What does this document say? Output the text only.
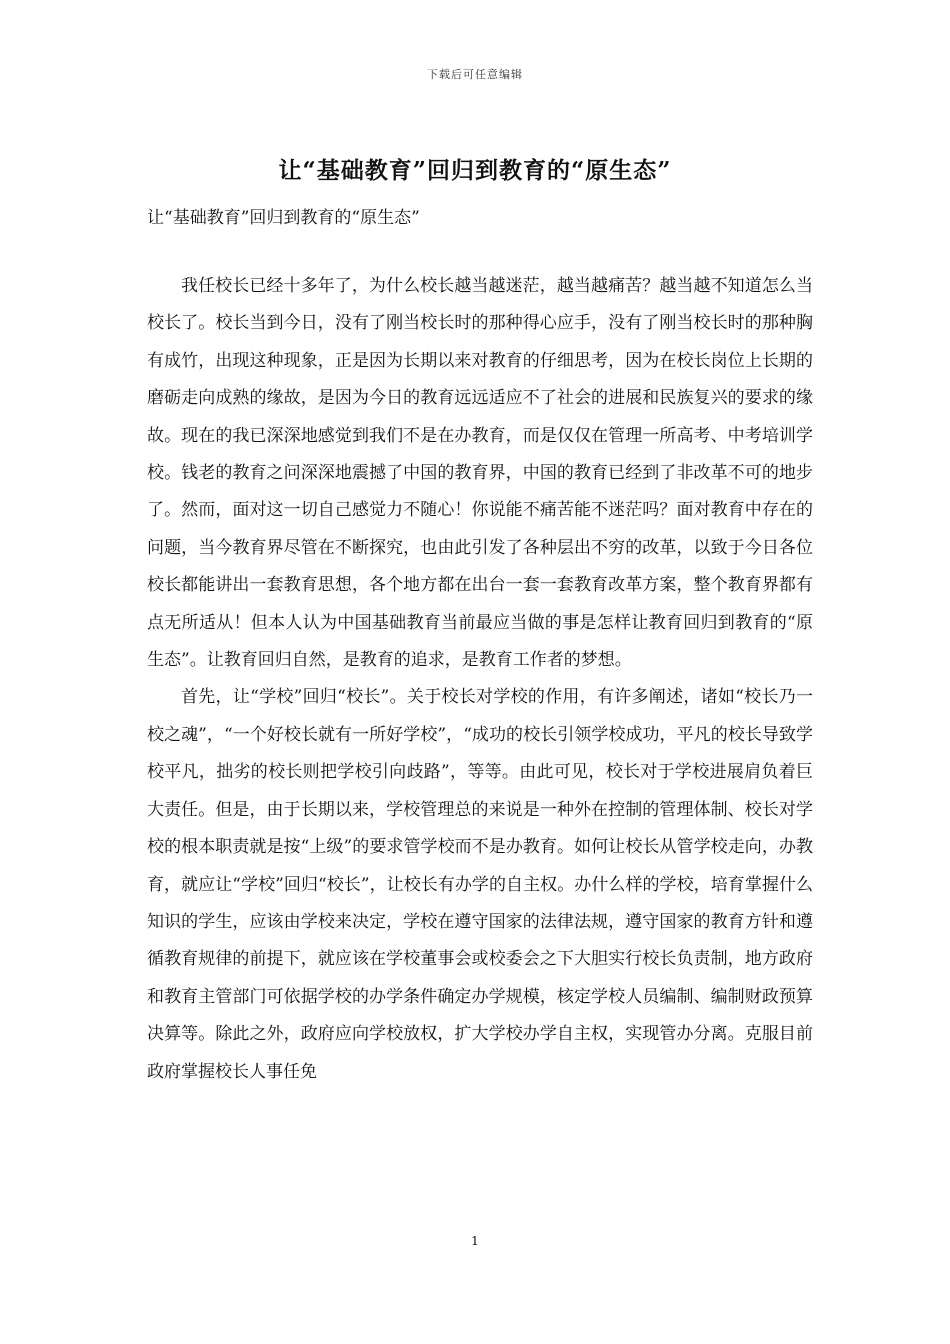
下载后可任意编辑
让“基础教育”回归到教育的“原生态”
让“基础教育”回归到教育的“原生态”

我任校长已经十多年了，为什么校长越当越迷茫，越当越痛苦？越当越不知道怎么当校长了。校长当到今日，没有了刚当校长时的那种得心应手，没有了刚当校长时的那种胸有成竹，出现这种现象，正是因为长期以来对教育的仔细思考，因为在校长岗位上长期的磨砺走向成熟的缘故，是因为今日的教育远远适应不了社会的进展和民族复兴的要求的缘故。现在的我已深深地感觉到我们不是在办教育，而是仅仅在管理一所高考、中考培训学校。钱老的教育之问深深地震撼了中国的教育界，中国的教育已经到了非改革不可的地步了。然而，面对这一切自己感觉力不随心！你说能不痛苦能不迷茫吗？面对教育中存在的问题，当今教育界尽管在不断探究，也由此引发了各种层出不穷的改革，以致于今日各位校长都能讲出一套教育思想，各个地方都在出台一套一套教育改革方案，整个教育界都有点无所适从！但本人认为中国基础教育当前最应当做的事是怎样让教育回归到教育的“原生态”。让教育回归自然，是教育的追求，是教育工作者的梦想。

首先，让“学校”回归“校长”。关于校长对学校的作用，有许多阐述，诸如“校长乃一校之魂”，“一个好校长就有一所好学校”，“成功的校长引领学校成功，平凡的校长导致学校平凡，拙劣的校长则把学校引向歧路”，等等。由此可见，校长对于学校进展肩负着巨大责任。但是，由于长期以来，学校管理总的来说是一种外在控制的管理体制、校长对学校的根本职责就是按“上级”的要求管学校而不是办教育。如何让校长从管学校走向，办教育，就应让“学校”回归“校长”，让校长有办学的自主权。办什么样的学校，培育掌握什么知识的学生，应该由学校来决定，学校在遵守国家的法律法规，遵守国家的教育方针和遵循教育规律的前提下，就应该在学校董事会或校委会之下大胆实行校长负责制，地方政府和教育主管部门可依据学校的办学条件确定办学规模，核定学校人员编制、编制财政预算决算等。除此之外，政府应向学校放权，扩大学校办学自主权，实现管办分离。克服目前政府掌握校长人事任免

1
